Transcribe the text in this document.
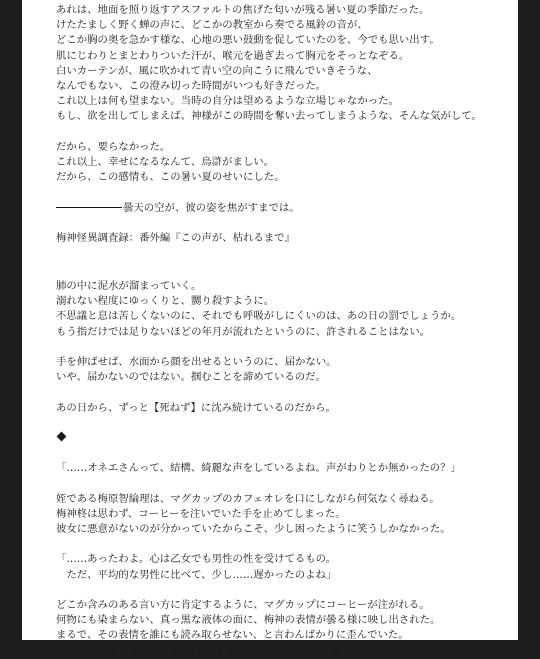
あれは、地面を照り返すアスファルトの焦げた匂いが残る暑い夏の季節だった。
けたたましく野く蝉の声に、どこかの教室から奏でる風鈴の音が、
どこか胸の奥を急かす様な、心地の悪い鼓動を促していたのを、今でも思い出す。
肌にじわりとまとわりついた汗が、喉元を過ぎ去って胸元をそっとなぞる。
白いカーテンが、風に吹かれて青い空の向こうに飛んでいきそうな、
なんでもない、この澄み切った時間がいつも好きだった。
これ以上は何も望まない。当時の自分は望めるような立場じゃなかった。
もし、欲を出してしまえば、神様がこの時間を奪い去ってしまうような、そんな気がして。
だから、要らなかった。
これ以上、幸せになるなんて、烏滸がましい。
だから、この感情も、この暑い夏のせいにした。
曇天の空が、彼の姿を焦がすまでは。
梅神怪異調査録：番外編『この声が、枯れるまで』
肺の中に泥水が溜まっていく。
溺れない程度にゆっくりと、嬲り殺すように。
不思議と息は苦しくないのに、それでも呼吸がしにくいのは、あの日の罰でしょうか。
もう指だけでは足りないほどの年月が流れたというのに、許されることはない。
手を伸ばせば、水面から顔を出せるというのに、届かない。
いや、届かないのではない。掴むことを諦めているのだ。
あの日から、ずっと【死ねず】に沈み続けているのだから。
「……オネエさんって、結構、綺麗な声をしているよね。声がわりとか無かったの？」
姪である梅原智綸理は、マグカップのカフェオレを口にしながら何気なく尋ねる。
梅神柊は思わず、コーヒーを注いでいた手を止めてしまった。
彼女に悪意がないのが分かっていたからこそ、少し困ったように笑うしかなかった。
「……あったわよ。心は乙女でも男性の性を受けてるもの。
　ただ、平均的な男性に比べて、少し……遅かったのよね」
どこか含みのある言い方に肯定するように、マグカップにコーヒーが注がれる。
何物にも染まらない、真っ黒な液体の面に、梅神の表情が曇る様に映し出された。
まるで、その表情を誰にも読み取らせない、と言わんばかりに歪んでいた。
智綸理は、そんな【彼】の、【彼女】の表情を目でちらりと追って視線を戻した。
